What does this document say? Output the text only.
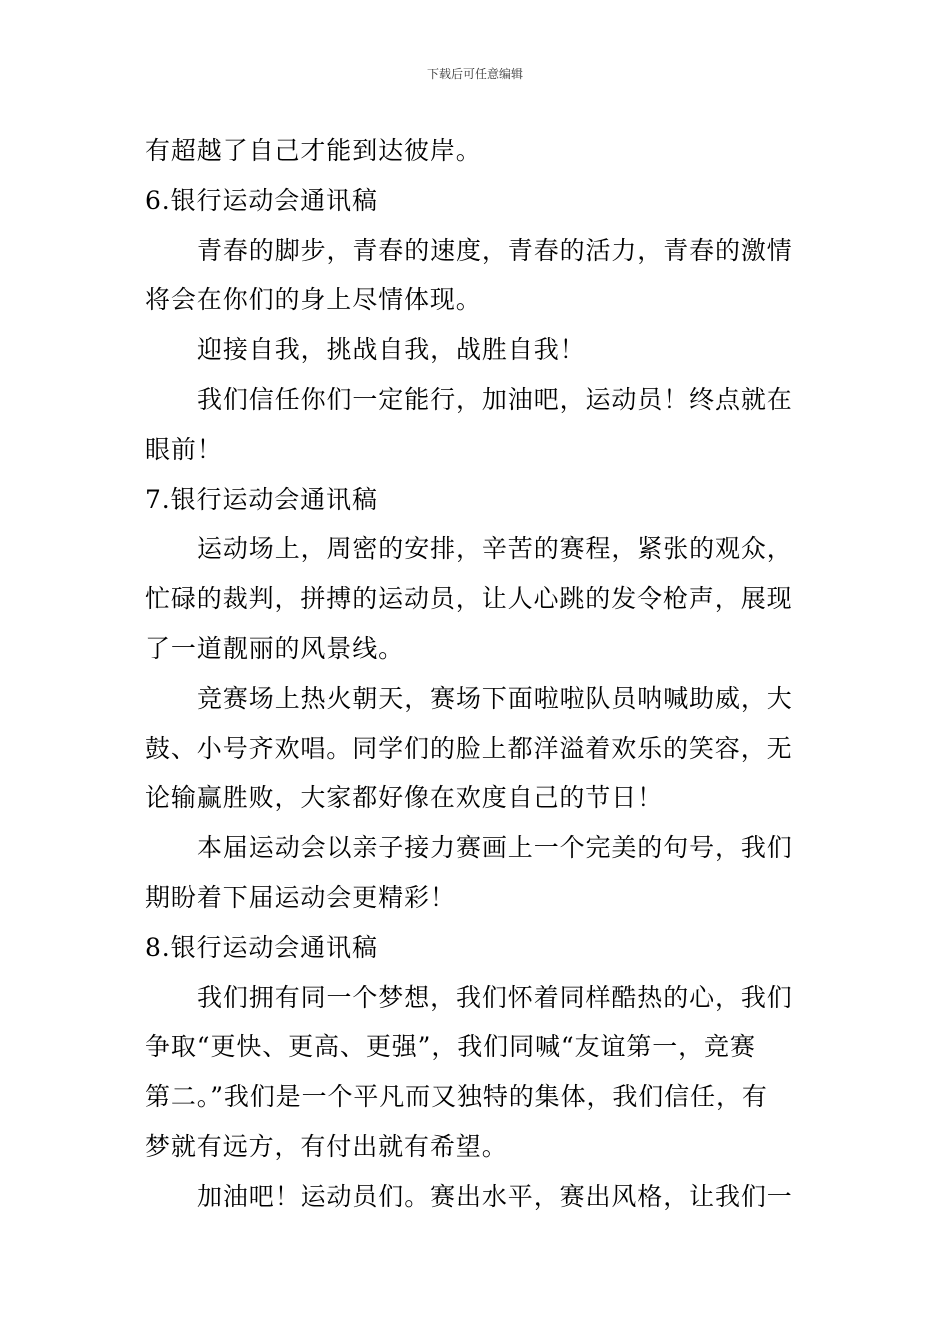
下载后可任意编辑
有超越了自己才能到达彼岸。
6.银行运动会通讯稿
青春的脚步，青春的速度，青春的活力，青春的激情
将会在你们的身上尽情体现。
迎接自我，挑战自我，战胜自我！
我们信任你们一定能行，加油吧，运动员！终点就在
眼前！
7.银行运动会通讯稿
运动场上，周密的安排，辛苦的赛程，紧张的观众，
忙碌的裁判，拼搏的运动员，让人心跳的发令枪声，展现
了一道靓丽的风景线。
竞赛场上热火朝天，赛场下面啦啦队员呐喊助威，大
鼓、小号齐欢唱。同学们的脸上都洋溢着欢乐的笑容，无
论输赢胜败，大家都好像在欢度自己的节日！
本届运动会以亲子接力赛画上一个完美的句号，我们
期盼着下届运动会更精彩！
8.银行运动会通讯稿
我们拥有同一个梦想，我们怀着同样酷热的心，我们
争取“更快、更高、更强”，我们同喊“友谊第一，竞赛
第二。”我们是一个平凡而又独特的集体，我们信任，有
梦就有远方，有付出就有希望。
加油吧！运动员们。赛出水平，赛出风格，让我们一
